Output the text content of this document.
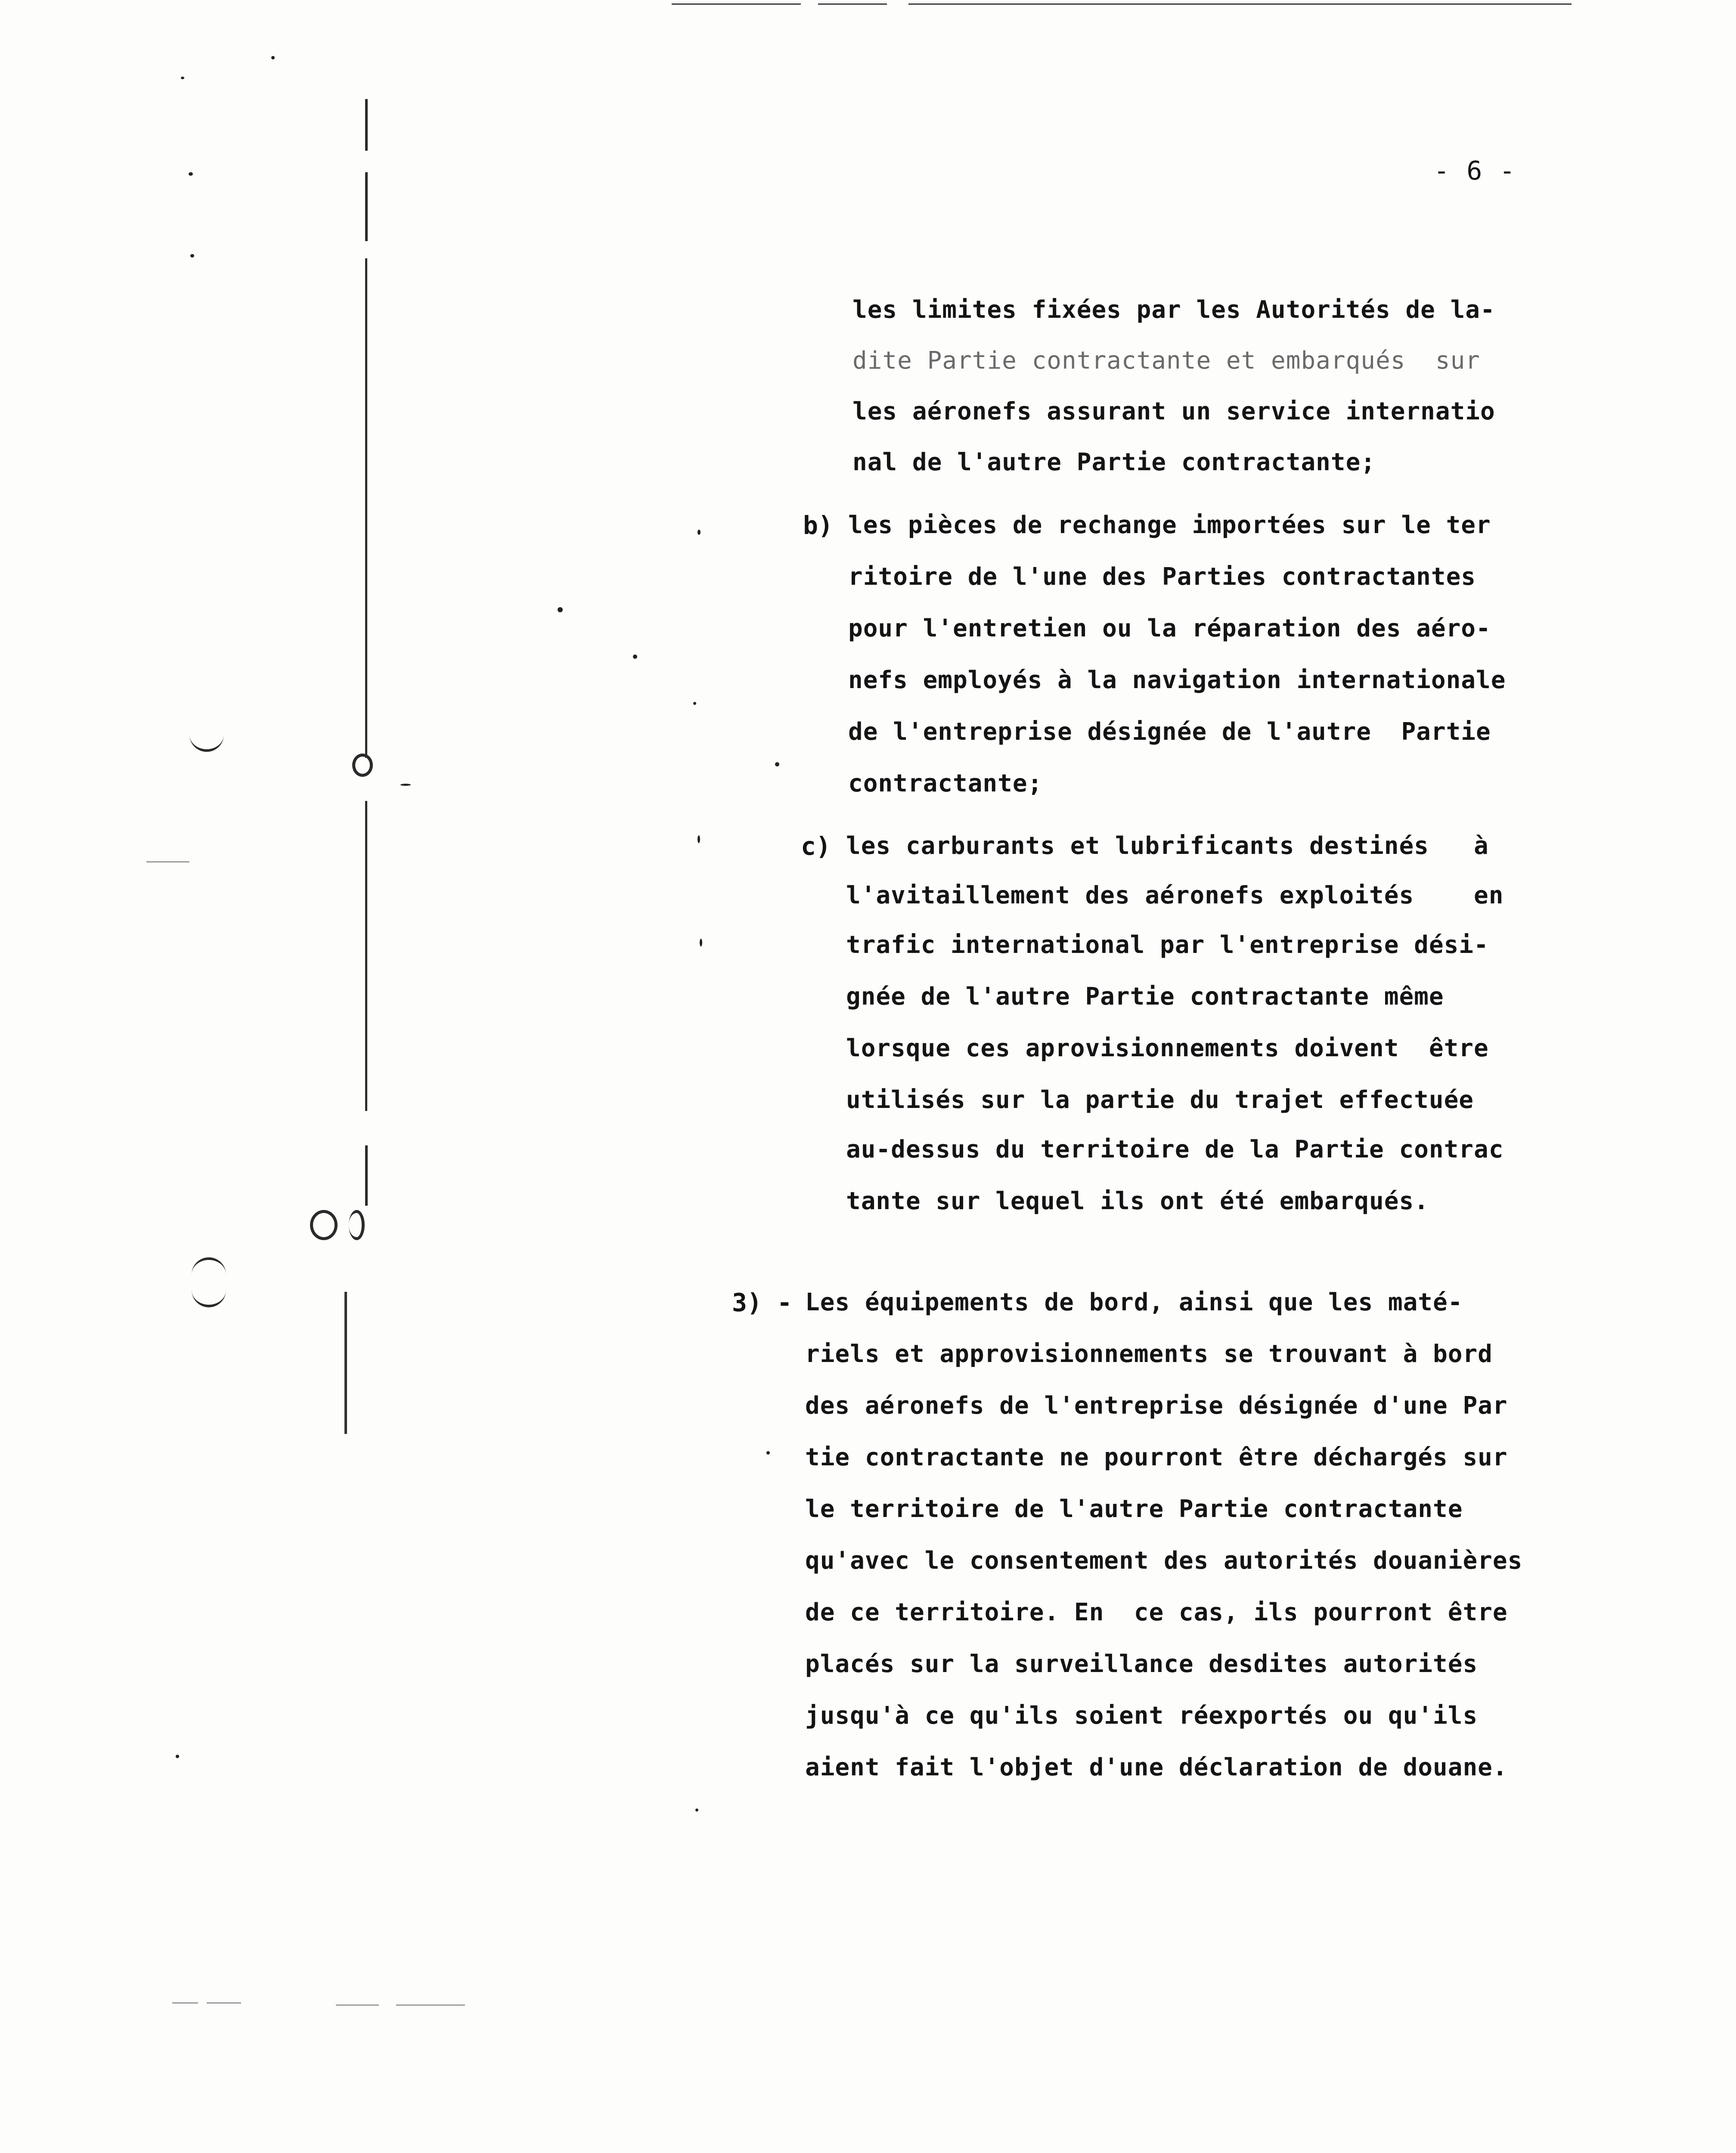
- 6 -
les limites fixées par les Autorités de la-
dite Partie contractante et embarqués  sur
les aéronefs assurant un service internatio
nal de l'autre Partie contractante;
b) les pièces de rechange importées sur le ter
ritoire de l'une des Parties contractantes
pour l'entretien ou la réparation des aéro-
nefs employés à la navigation internationale
de l'entreprise désignée de l'autre  Partie
contractante;
c) les carburants et lubrificants destinés   à
l'avitaillement des aéronefs exploités    en
trafic international par l'entreprise dési-
gnée de l'autre Partie contractante même
lorsque ces aprovisionnements doivent  être
utilisés sur la partie du trajet effectuée
au-dessus du territoire de la Partie contrac
tante sur lequel ils ont été embarqués.
3) - Les équipements de bord, ainsi que les maté-
riels et approvisionnements se trouvant à bord
des aéronefs de l'entreprise désignée d'une Par
tie contractante ne pourront être déchargés sur
le territoire de l'autre Partie contractante
qu'avec le consentement des autorités douanières
de ce territoire. En  ce cas, ils pourront être
placés sur la surveillance desdites autorités
jusqu'à ce qu'ils soient réexportés ou qu'ils
aient fait l'objet d'une déclaration de douane.
